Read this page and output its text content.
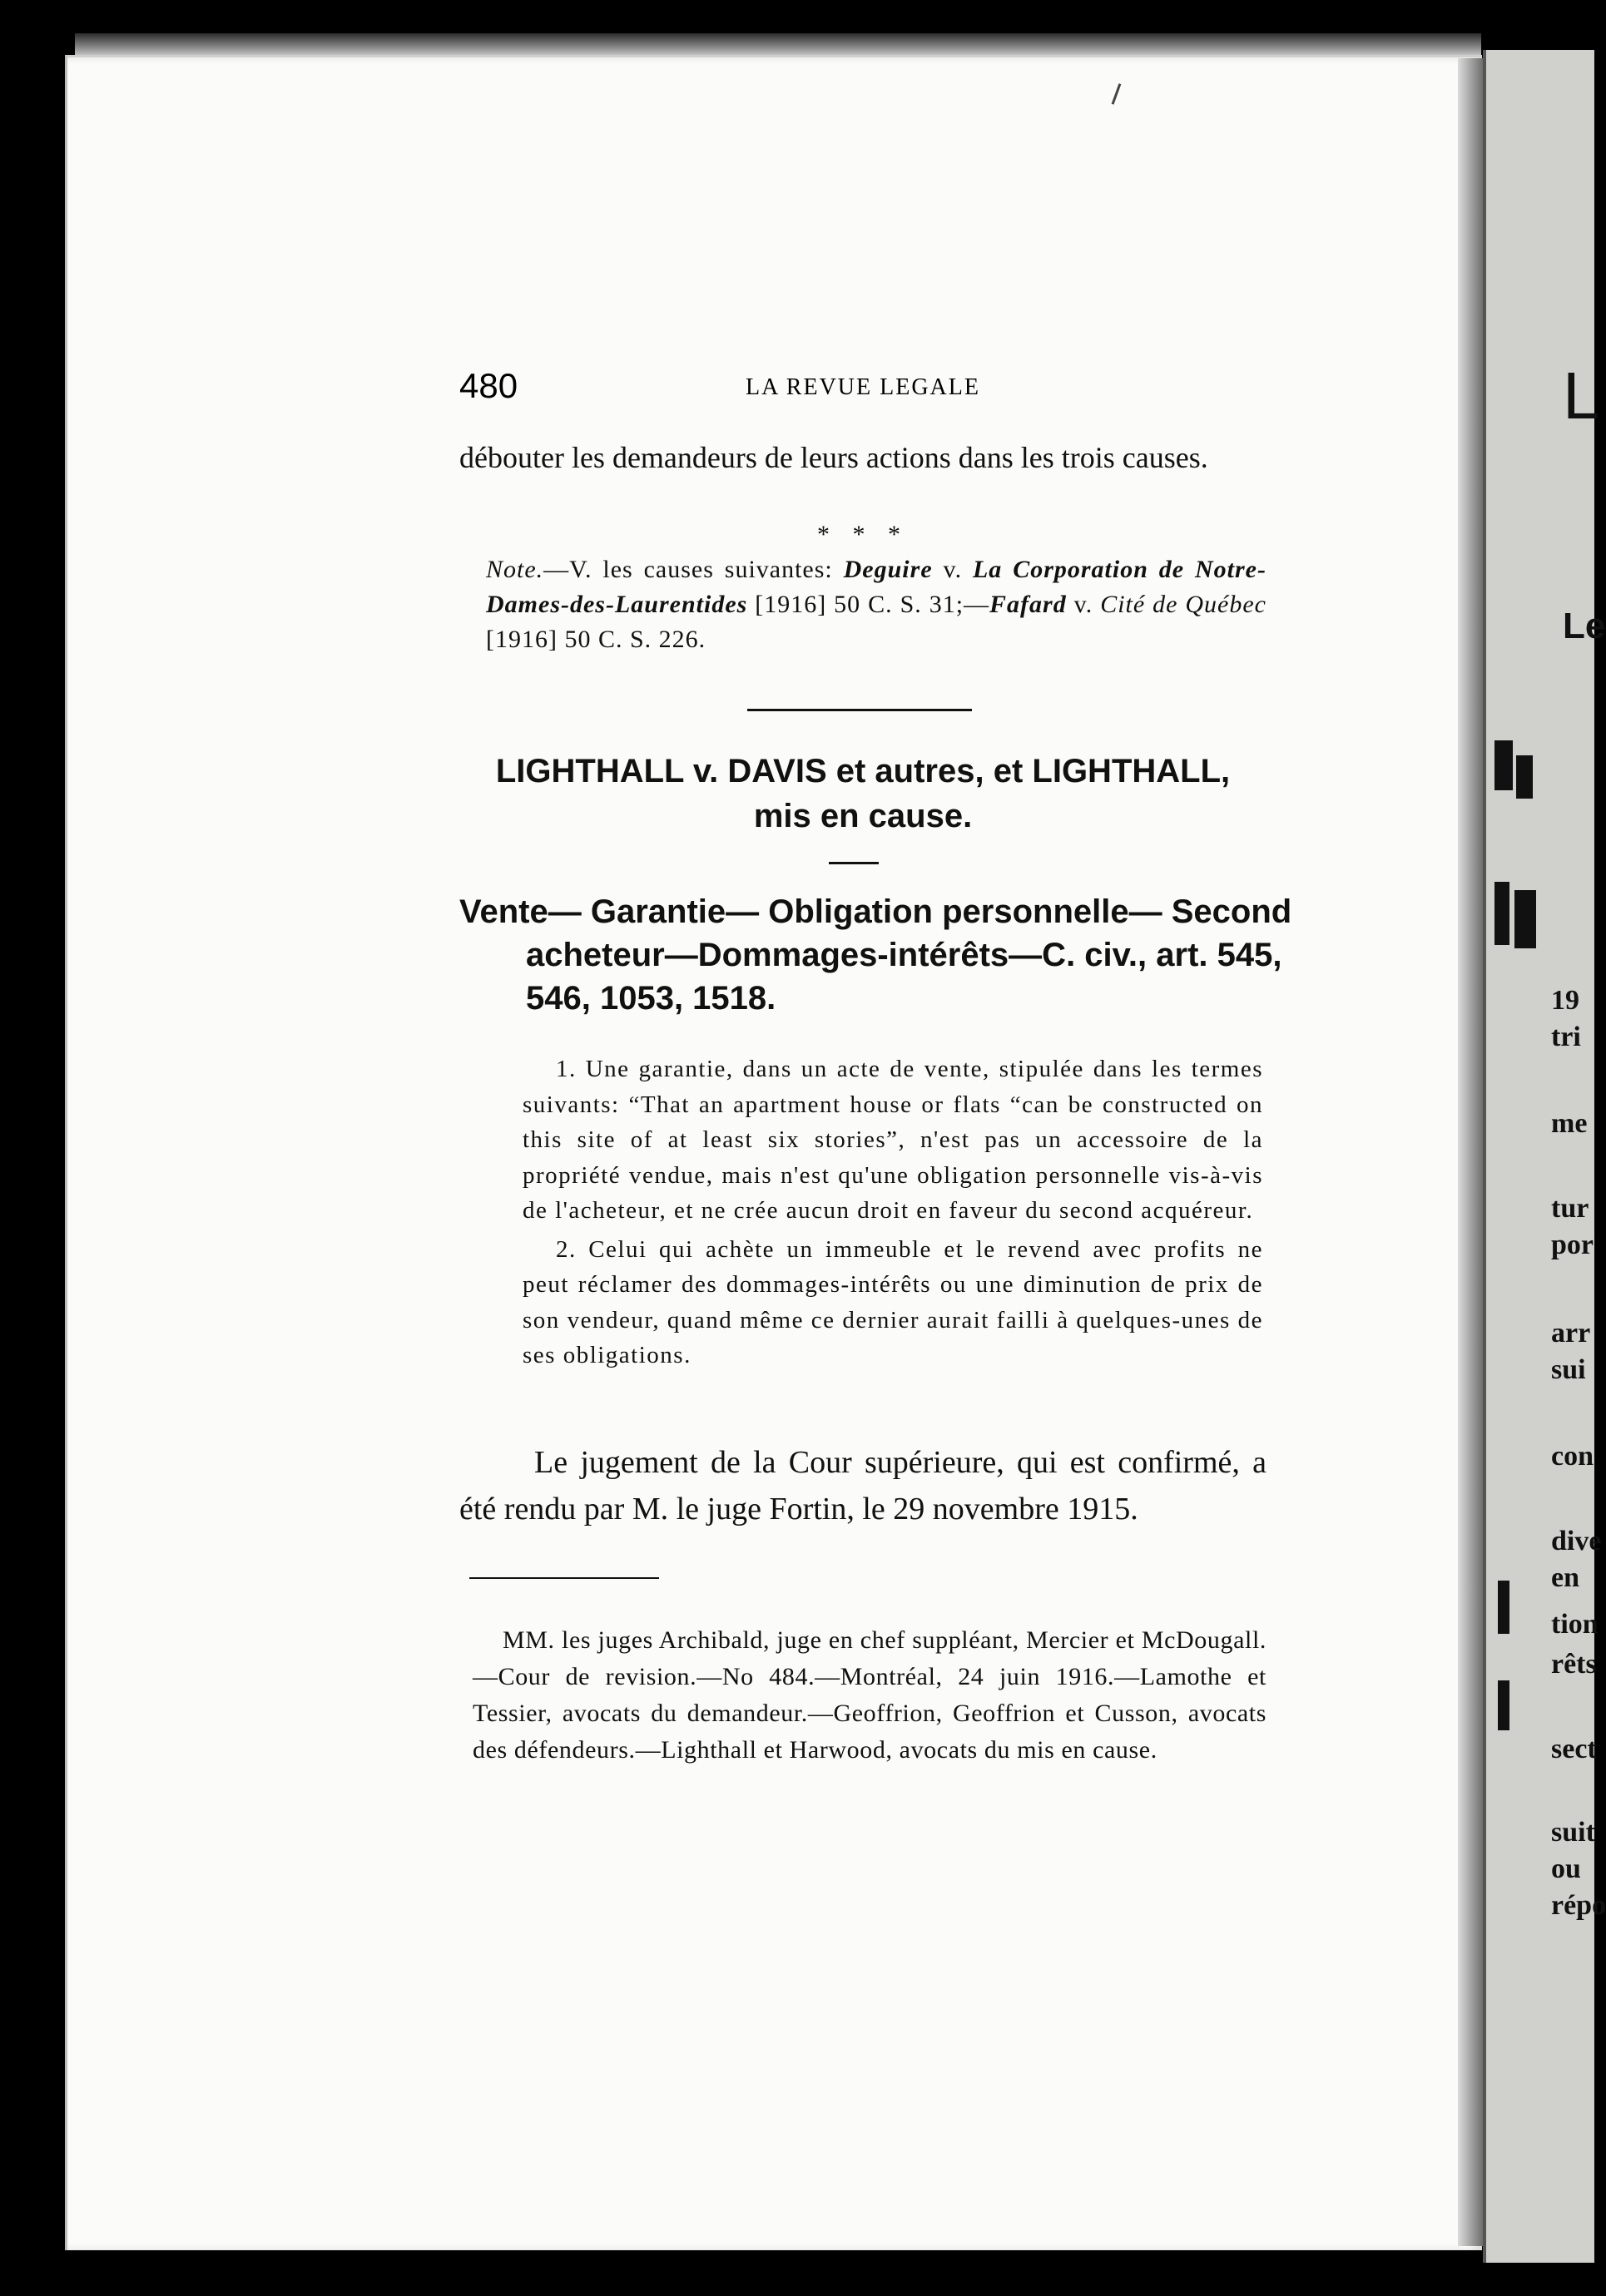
L
Le
19
tri
me
tur
por
arr
sui
con
dive
en
tion
rêts
sect
suit
ou
répo
480	LA REVUE LEGALE
débouter les demandeurs de leurs actions dans les trois causes.
* * *
Note.—V. les causes suivantes: Deguire v. La Corporation de Notre-Dames-des-Laurentides [1916] 50 C. S. 31;—Fafard v. Cité de Québec [1916] 50 C. S. 226.
LIGHTHALL v. DAVIS et autres, et LIGHTHALL,
mis en cause.
Vente— Garantie— Obligation personnelle— Second
acheteur—Dommages-intérêts—C. civ., art. 545,
546, 1053, 1518.

1. Une garantie, dans un acte de vente, stipulée dans les termes suivants: “That an apartment house or flats “can be constructed on this site of at least six stories”, n'est pas un accessoire de la propriété vendue, mais n'est qu'une obligation personnelle vis-à-vis de l'acheteur, et ne crée aucun droit en faveur du second acquéreur.

2. Celui qui achète un immeuble et le revend avec profits ne peut réclamer des dommages-intérêts ou une diminution de prix de son vendeur, quand même ce dernier aurait failli à quelques-unes de ses obligations.

Le jugement de la Cour supérieure, qui est confirmé, a été rendu par M. le juge Fortin, le 29 novembre 1915.

MM. les juges Archibald, juge en chef suppléant, Mercier et McDougall.—Cour de revision.—No 484.—Montréal, 24 juin 1916.—Lamothe et Tessier, avocats du demandeur.—Geoffrion, Geoffrion et Cusson, avocats des défendeurs.—Lighthall et Harwood, avocats du mis en cause.
